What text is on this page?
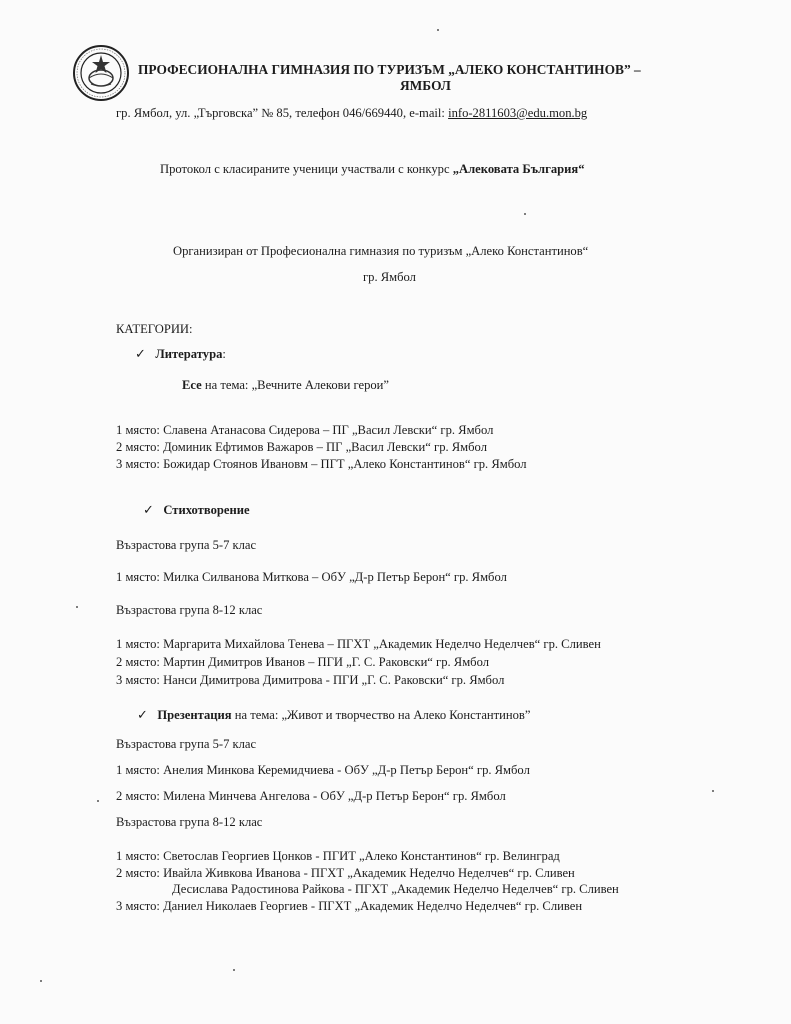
ПРОФЕСИОНАЛНА ГИМНАЗИЯ ПО ТУРИЗЪМ „АЛЕКО КОНСТАНТИНОВ” –
ЯМБОЛ
гр. Ямбол, ул. „Търговска” № 85, телефон 046/669440, e-mail: info-2811603@edu.mon.bg
Протокол с класираните ученици участвали с конкурс „Алековата България“
Организиран от Професионална гимназия по туризъм „Алеко Константинов“
гр. Ямбол
КАТЕГОРИИ:
✓ Литература:
Есе на тема: „Вечните Алекови герои”
1 място: Славена Атанасова Сидерова – ПГ „Васил Левски“ гр. Ямбол
2 място: Доминик Ефтимов Важаров – ПГ „Васил Левски“ гр. Ямбол
3 място: Божидар Стоянов Ивановм – ПГТ „Алеко Константинов“ гр. Ямбол
✓ Стихотворение
Възрастова група 5-7 клас
1 място: Милка Силванова Миткова – ОбУ „Д-р Петър Берон“ гр. Ямбол
Възрастова група 8-12 клас
1 място: Маргарита Михайлова Тенева – ПГХТ „Академик Неделчо Неделчев“ гр. Сливен
2 място: Мартин Димитров Иванов – ПГИ „Г. С. Раковски“ гр. Ямбол
3 място: Нанси Димитрова Димитрова - ПГИ „Г. С. Раковски“ гр. Ямбол
✓ Презентация на тема: „Живот и творчество на Алеко Константинов”
Възрастова група 5-7 клас
1 място: Анелия Минкова Керемидчиева - ОбУ „Д-р Петър Берон“ гр. Ямбол
2 място: Милена Минчева Ангелова - ОбУ „Д-р Петър Берон“ гр. Ямбол
Възрастова група 8-12 клас
1 място: Светослав Георгиев Цонков - ПГИТ „Алеко Константинов“ гр. Велинград
2 място: Ивайла Живкова Иванова - ПГХТ „Академик Неделчо Неделчев“ гр. Сливен
Десислава Радостинова Райкова - ПГХТ „Академик Неделчо Неделчев“ гр. Сливен
3 място: Даниел Николаев Георгиев - ПГХТ „Академик Неделчо Неделчев“ гр. Сливен
